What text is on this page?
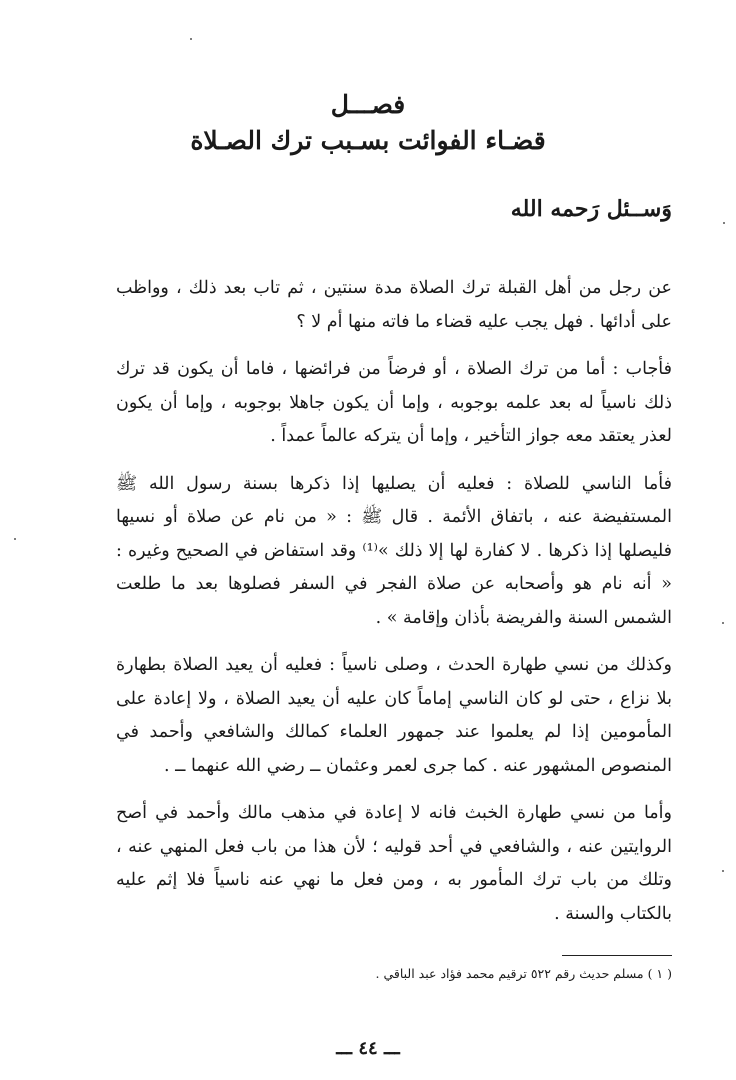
فصـــل
قضـاء الفوائت بسـبب ترك الصـلاة
وَســئل رَحمه الله

عن رجل من أهل القبلة ترك الصلاة مدة سنتين ، ثم تاب بعد ذلك ، وواظب على أدائها . فهل يجب عليه قضاء ما فاته منها أم لا ؟

فأجاب : أما من ترك الصلاة ، أو فرضاً من فرائضها ، فاما أن يكون قد ترك ذلك ناسياً له بعد علمه بوجوبه ، وإما أن يكون جاهلا بوجوبه ، وإما أن يكون لعذر يعتقد معه جواز التأخير ، وإما أن يتركه عالماً عمداً .

فأما الناسي للصلاة : فعليه أن يصليها إذا ذكرها بسنة رسول الله ﷺ المستفيضة عنه ، باتفاق الأئمة . قال ﷺ : « من نام عن صلاة أو نسيها فليصلها إذا ذكرها . لا كفارة لها إلا ذلك »⁽¹⁾ وقد استفاض في الصحيح وغيره : « أنه نام هو وأصحابه عن صلاة الفجر في السفر فصلوها بعد ما طلعت الشمس السنة والفريضة بأذان وإقامة » .

وكذلك من نسي طهارة الحدث ، وصلى ناسياً : فعليه أن يعيد الصلاة بطهارة بلا نزاع ، حتى لو كان الناسي إماماً كان عليه أن يعيد الصلاة ، ولا إعادة على المأمومين إذا لم يعلموا عند جمهور العلماء كمالك والشافعي وأحمد في المنصوص المشهور عنه . كما جرى لعمر وعثمان ــ رضي الله عنهما ــ .

وأما من نسي طهارة الخبث فانه لا إعادة في مذهب مالك وأحمد في أصح الروايتين عنه ، والشافعي في أحد قوليه ؛ لأن هذا من باب فعل المنهي عنه ، وتلك من باب ترك المأمور به ، ومن فعل ما نهي عنه ناسياً فلا إثم عليه بالكتاب والسنة .

( ١ ) مسلم حديث رقم ٥٢٢ ترقيم محمد فؤاد عبد الباقي .
ـــ ٤٤ ـــ
